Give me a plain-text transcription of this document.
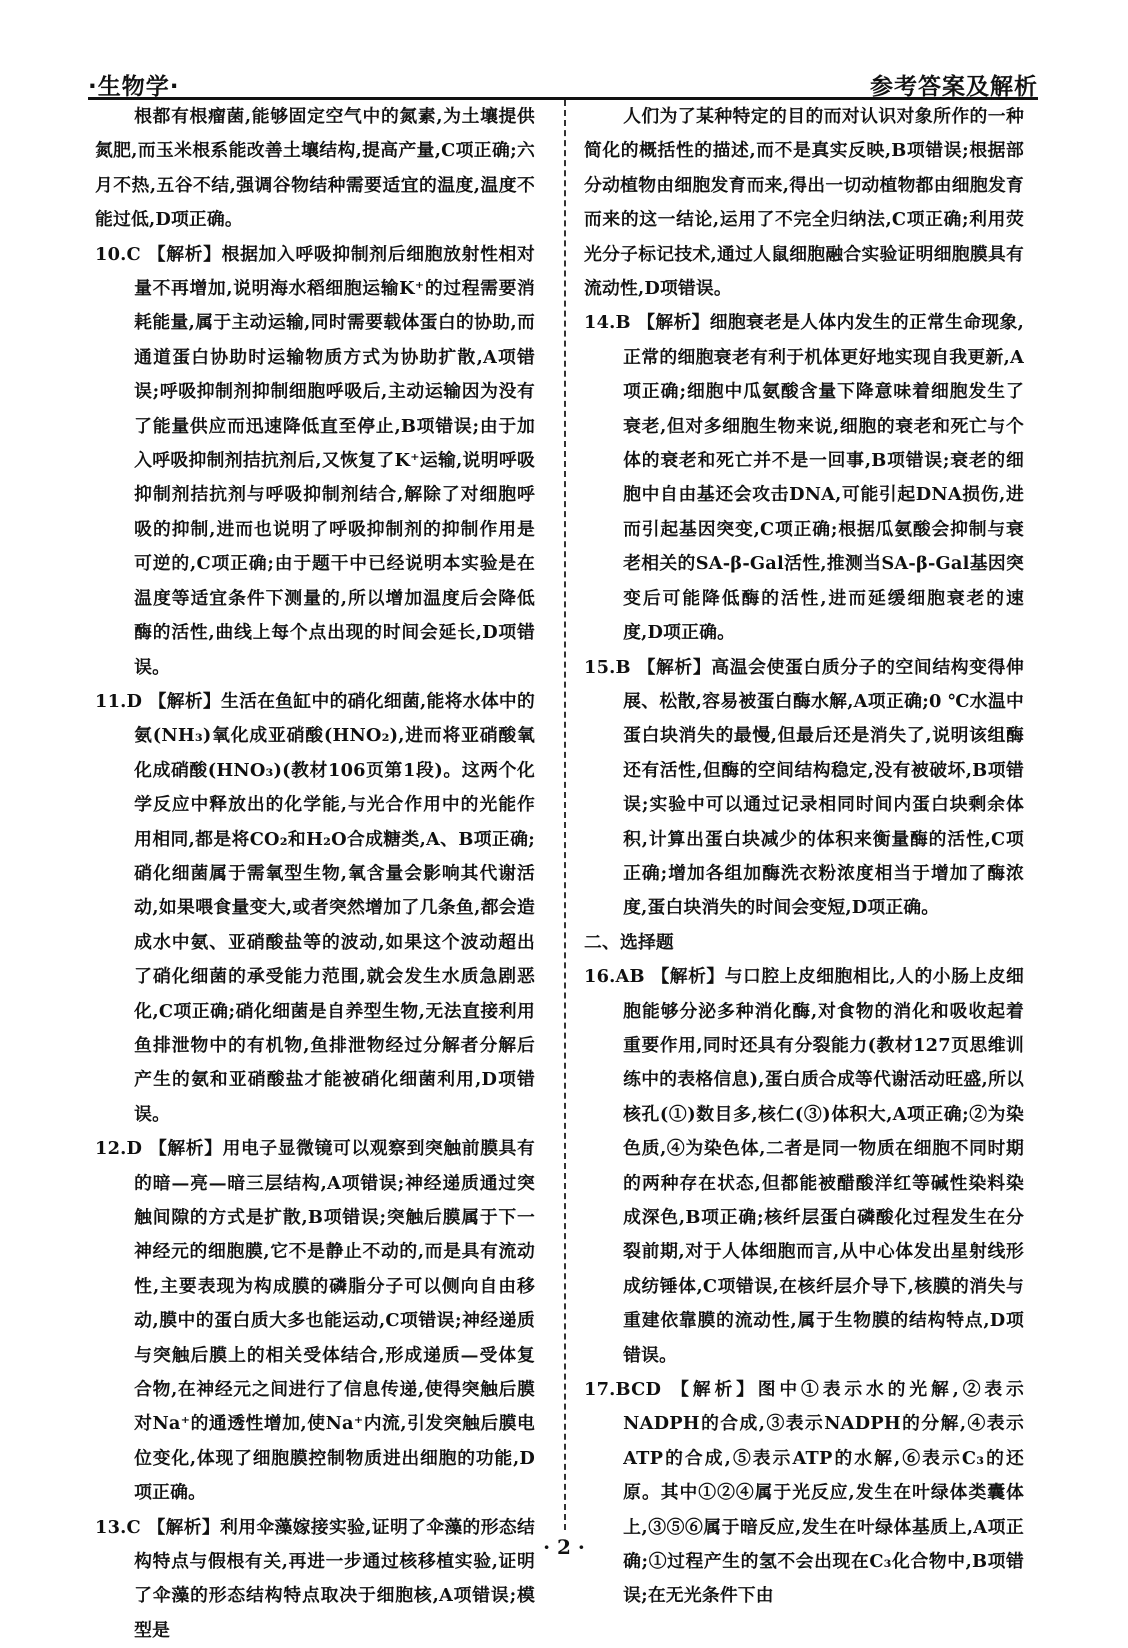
·生物学·	参考答案及解析

根都有根瘤菌,能够固定空气中的氮素,为土壤提供氮肥,而玉米根系能改善土壤结构,提高产量,C项正确;六月不热,五谷不结,强调谷物结种需要适宜的温度,温度不能过低,D项正确。

10.C 【解析】根据加入呼吸抑制剂后细胞放射性相对量不再增加,说明海水稻细胞运输K⁺的过程需要消耗能量,属于主动运输,同时需要载体蛋白的协助,而通道蛋白协助时运输物质方式为协助扩散,A项错误;呼吸抑制剂抑制细胞呼吸后,主动运输因为没有了能量供应而迅速降低直至停止,B项错误;由于加入呼吸抑制剂拮抗剂后,又恢复了K⁺运输,说明呼吸抑制剂拮抗剂与呼吸抑制剂结合,解除了对细胞呼吸的抑制,进而也说明了呼吸抑制剂的抑制作用是可逆的,C项正确;由于题干中已经说明本实验是在温度等适宜条件下测量的,所以增加温度后会降低酶的活性,曲线上每个点出现的时间会延长,D项错误。

11.D 【解析】生活在鱼缸中的硝化细菌,能将水体中的氨(NH₃)氧化成亚硝酸(HNO₂),进而将亚硝酸氧化成硝酸(HNO₃)(教材106页第1段)。这两个化学反应中释放出的化学能,与光合作用中的光能作用相同,都是将CO₂和H₂O合成糖类,A、B项正确;硝化细菌属于需氧型生物,氧含量会影响其代谢活动,如果喂食量变大,或者突然增加了几条鱼,都会造成水中氨、亚硝酸盐等的波动,如果这个波动超出了硝化细菌的承受能力范围,就会发生水质急剧恶化,C项正确;硝化细菌是自养型生物,无法直接利用鱼排泄物中的有机物,鱼排泄物经过分解者分解后产生的氨和亚硝酸盐才能被硝化细菌利用,D项错误。

12.D 【解析】用电子显微镜可以观察到突触前膜具有的暗—亮—暗三层结构,A项错误;神经递质通过突触间隙的方式是扩散,B项错误;突触后膜属于下一神经元的细胞膜,它不是静止不动的,而是具有流动性,主要表现为构成膜的磷脂分子可以侧向自由移动,膜中的蛋白质大多也能运动,C项错误;神经递质与突触后膜上的相关受体结合,形成递质—受体复合物,在神经元之间进行了信息传递,使得突触后膜对Na⁺的通透性增加,使Na⁺内流,引发突触后膜电位变化,体现了细胞膜控制物质进出细胞的功能,D项正确。

13.C 【解析】利用伞藻嫁接实验,证明了伞藻的形态结构特点与假根有关,再进一步通过核移植实验,证明了伞藻的形态结构特点取决于细胞核,A项错误;模型是

人们为了某种特定的目的而对认识对象所作的一种简化的概括性的描述,而不是真实反映,B项错误;根据部分动植物由细胞发育而来,得出一切动植物都由细胞发育而来的这一结论,运用了不完全归纳法,C项正确;利用荧光分子标记技术,通过人鼠细胞融合实验证明细胞膜具有流动性,D项错误。

14.B 【解析】细胞衰老是人体内发生的正常生命现象,正常的细胞衰老有利于机体更好地实现自我更新,A项正确;细胞中瓜氨酸含量下降意味着细胞发生了衰老,但对多细胞生物来说,细胞的衰老和死亡与个体的衰老和死亡并不是一回事,B项错误;衰老的细胞中自由基还会攻击DNA,可能引起DNA损伤,进而引起基因突变,C项正确;根据瓜氨酸会抑制与衰老相关的SA-β-Gal活性,推测当SA-β-Gal基因突变后可能降低酶的活性,进而延缓细胞衰老的速度,D项正确。

15.B 【解析】高温会使蛋白质分子的空间结构变得伸展、松散,容易被蛋白酶水解,A项正确;0 ℃水温中蛋白块消失的最慢,但最后还是消失了,说明该组酶还有活性,但酶的空间结构稳定,没有被破坏,B项错误;实验中可以通过记录相同时间内蛋白块剩余体积,计算出蛋白块减少的体积来衡量酶的活性,C项正确;增加各组加酶洗衣粉浓度相当于增加了酶浓度,蛋白块消失的时间会变短,D项正确。

二、选择题

16.AB 【解析】与口腔上皮细胞相比,人的小肠上皮细胞能够分泌多种消化酶,对食物的消化和吸收起着重要作用,同时还具有分裂能力(教材127页思维训练中的表格信息),蛋白质合成等代谢活动旺盛,所以核孔(①)数目多,核仁(③)体积大,A项正确;②为染色质,④为染色体,二者是同一物质在细胞不同时期的两种存在状态,但都能被醋酸洋红等碱性染料染成深色,B项正确;核纤层蛋白磷酸化过程发生在分裂前期,对于人体细胞而言,从中心体发出星射线形成纺锤体,C项错误,在核纤层介导下,核膜的消失与重建依靠膜的流动性,属于生物膜的结构特点,D项错误。

17.BCD 【解析】图中①表示水的光解,②表示NADPH的合成,③表示NADPH的分解,④表示ATP的合成,⑤表示ATP的水解,⑥表示C₃的还原。其中①②④属于光反应,发生在叶绿体类囊体上,③⑤⑥属于暗反应,发生在叶绿体基质上,A项正确;①过程产生的氢不会出现在C₃化合物中,B项错误;在无光条件下由

· 2 ·
